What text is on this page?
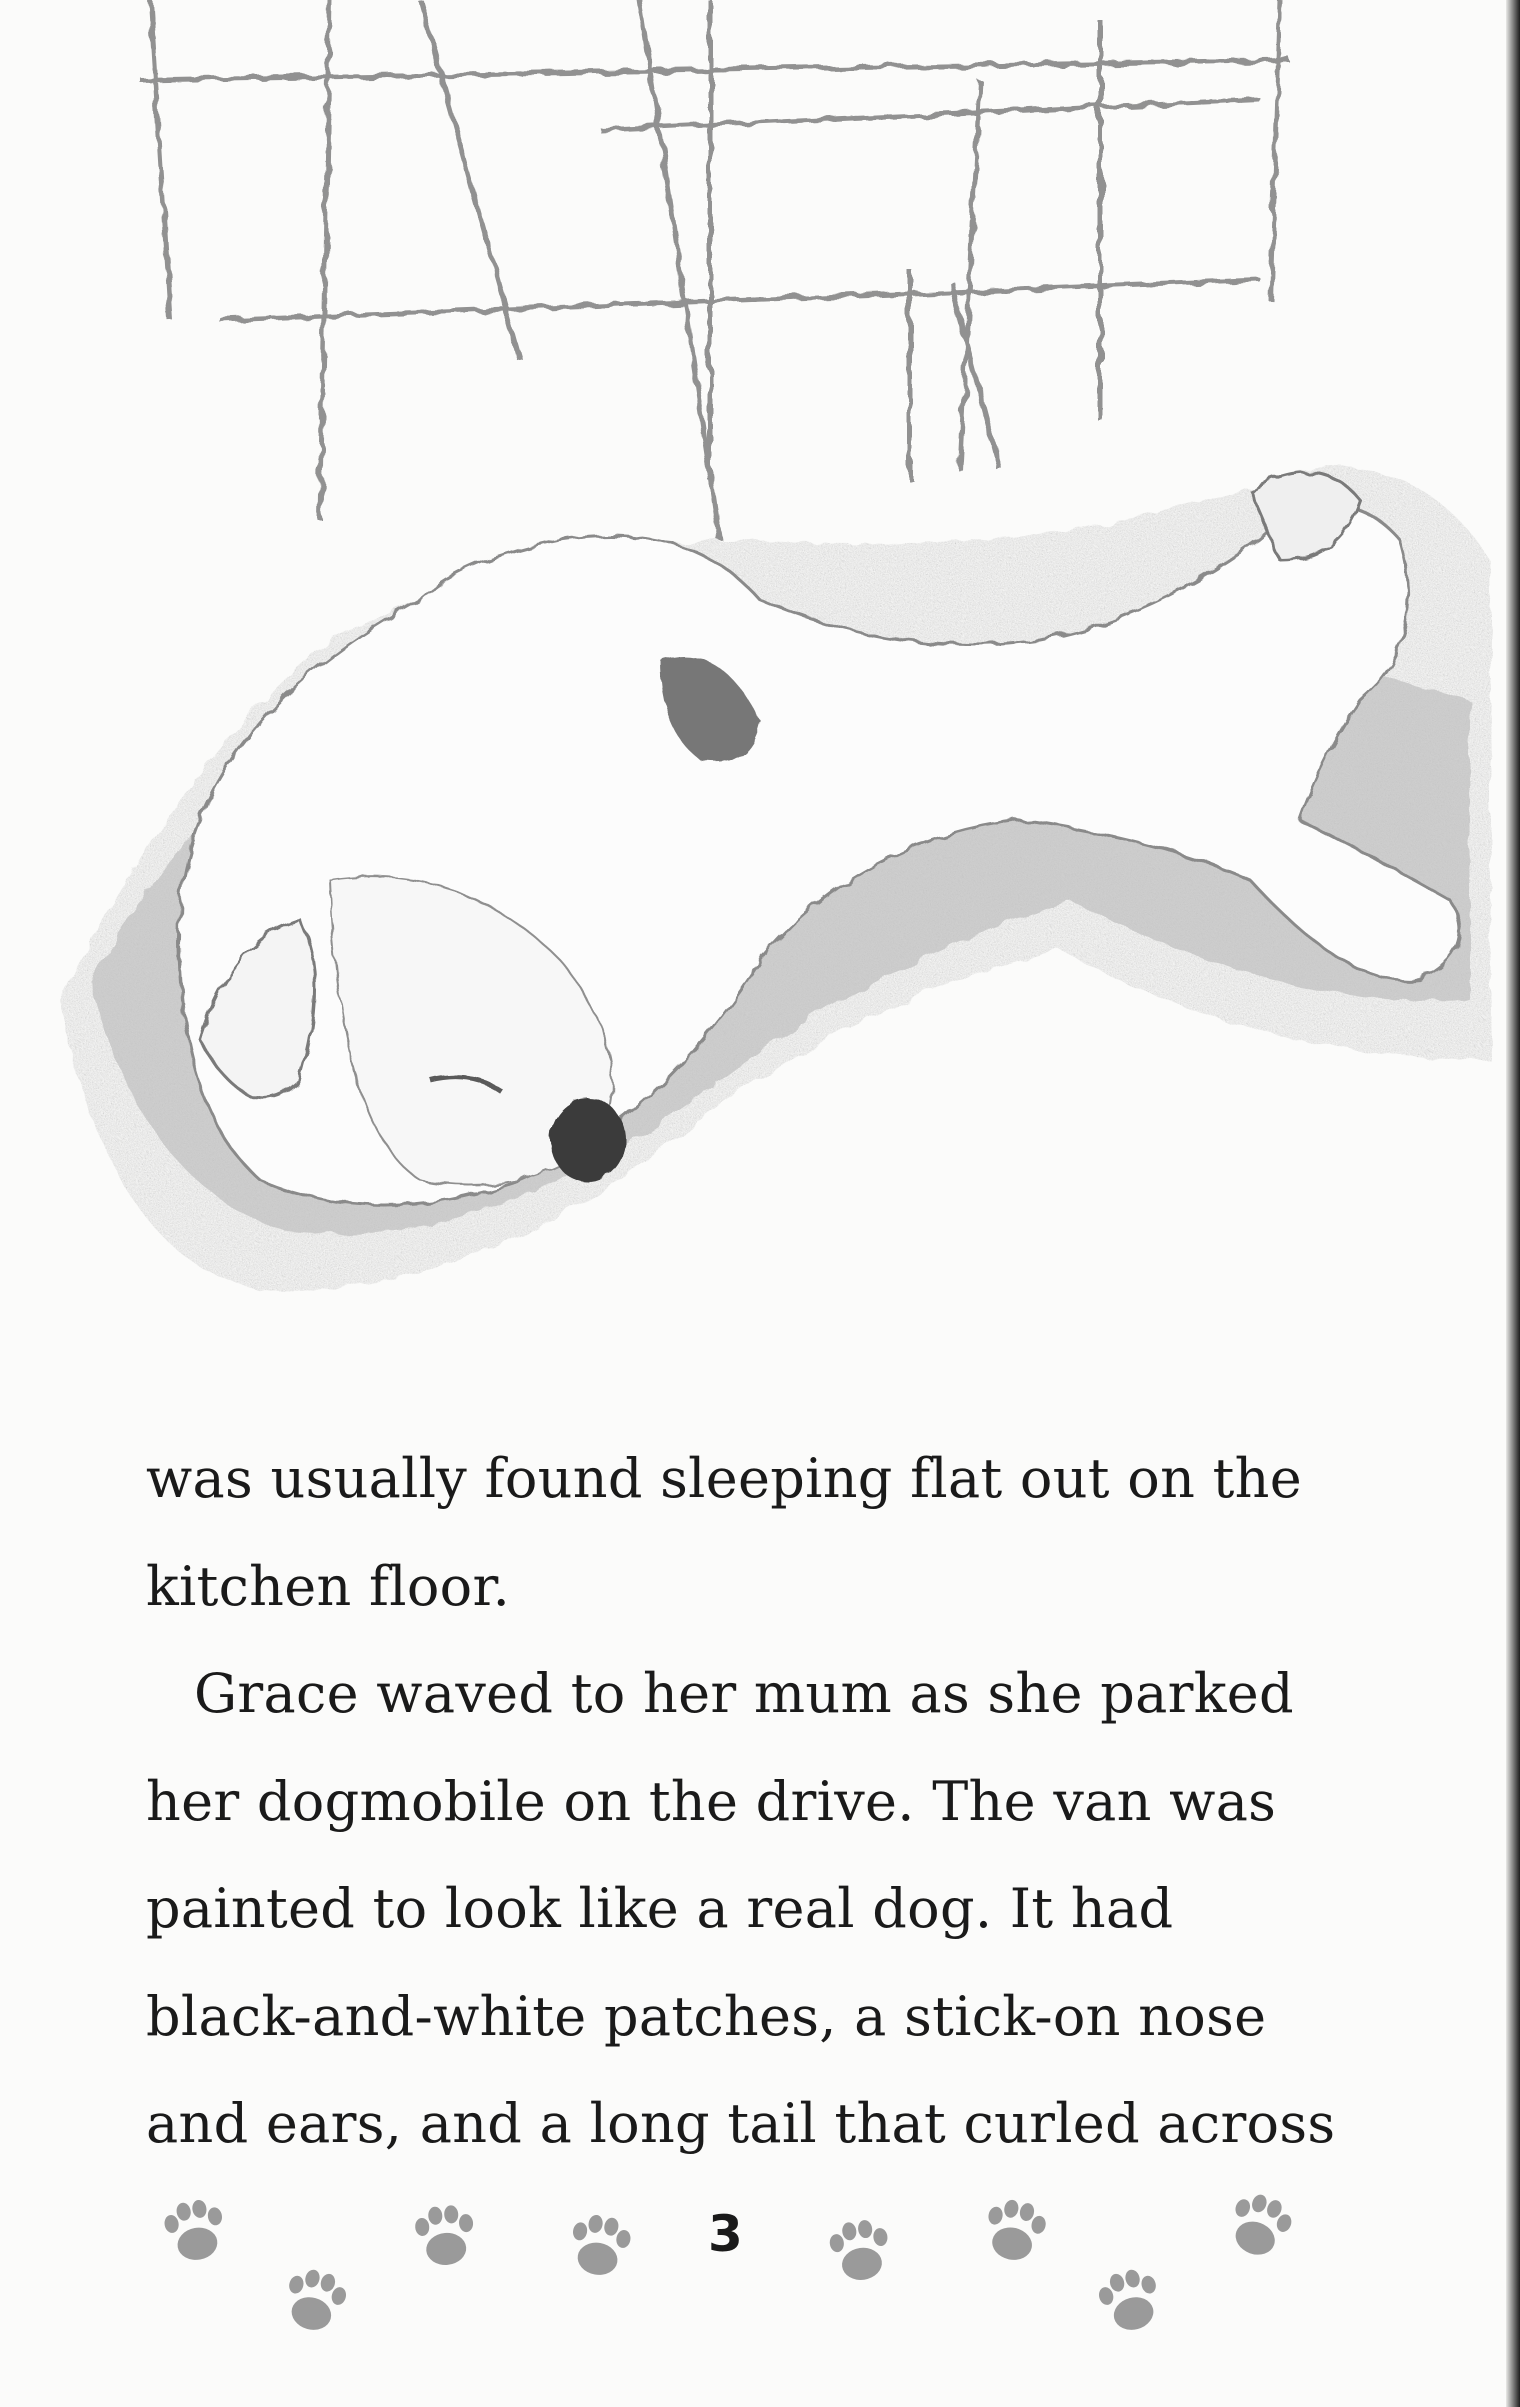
was usually found sleeping flat out on the
kitchen floor.
Grace waved to her mum as she parked
her dogmobile on the drive. The van was
painted to look like a real dog. It had
black-and-white patches, a stick-on nose
and ears, and a long tail that curled across
3
